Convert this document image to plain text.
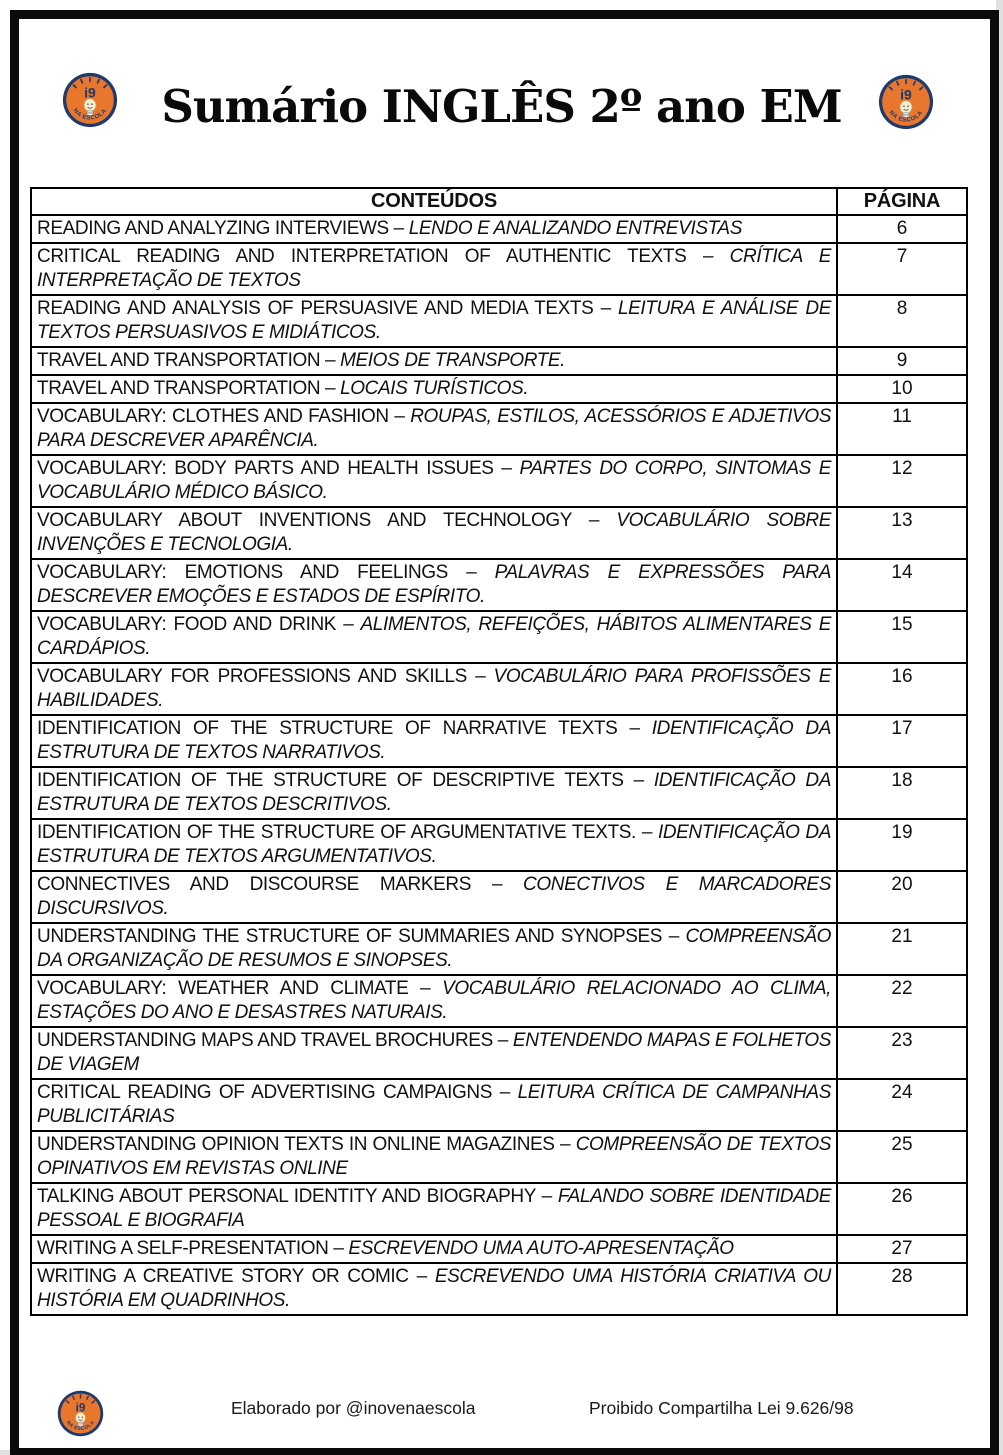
Sumário INGLÊS 2º ano EM
CONTEÚDOS	PÁGINA
READING AND ANALYZING INTERVIEWS – LENDO E ANALIZANDO ENTREVISTAS	6
CRITICAL READING AND INTERPRETATION OF AUTHENTIC TEXTS – CRÍTICA E INTERPRETAÇÃO DE TEXTOS	7
READING AND ANALYSIS OF PERSUASIVE AND MEDIA TEXTS – LEITURA E ANÁLISE DE TEXTOS PERSUASIVOS E MIDIÁTICOS.	8
TRAVEL AND TRANSPORTATION – MEIOS DE TRANSPORTE.	9
TRAVEL AND TRANSPORTATION – LOCAIS TURÍSTICOS.	10
VOCABULARY: CLOTHES AND FASHION – ROUPAS, ESTILOS, ACESSÓRIOS E ADJETIVOS PARA DESCREVER APARÊNCIA.	11
VOCABULARY: BODY PARTS AND HEALTH ISSUES – PARTES DO CORPO, SINTOMAS E VOCABULÁRIO MÉDICO BÁSICO.	12
VOCABULARY ABOUT INVENTIONS AND TECHNOLOGY – VOCABULÁRIO SOBRE INVENÇÕES E TECNOLOGIA.	13
VOCABULARY: EMOTIONS AND FEELINGS – PALAVRAS E EXPRESSÕES PARA DESCREVER EMOÇÕES E ESTADOS DE ESPÍRITO.	14
VOCABULARY: FOOD AND DRINK – ALIMENTOS, REFEIÇÕES, HÁBITOS ALIMENTARES E CARDÁPIOS.	15
VOCABULARY FOR PROFESSIONS AND SKILLS – VOCABULÁRIO PARA PROFISSÕES E HABILIDADES.	16
IDENTIFICATION OF THE STRUCTURE OF NARRATIVE TEXTS – IDENTIFICAÇÃO DA ESTRUTURA DE TEXTOS NARRATIVOS.	17
IDENTIFICATION OF THE STRUCTURE OF DESCRIPTIVE TEXTS – IDENTIFICAÇÃO DA ESTRUTURA DE TEXTOS DESCRITIVOS.	18
IDENTIFICATION OF THE STRUCTURE OF ARGUMENTATIVE TEXTS. – IDENTIFICAÇÃO DA ESTRUTURA DE TEXTOS ARGUMENTATIVOS.	19
CONNECTIVES AND DISCOURSE MARKERS – CONECTIVOS E MARCADORES DISCURSIVOS.	20
UNDERSTANDING THE STRUCTURE OF SUMMARIES AND SYNOPSES – COMPREENSÃO DA ORGANIZAÇÃO DE RESUMOS E SINOPSES.	21
VOCABULARY: WEATHER AND CLIMATE – VOCABULÁRIO RELACIONADO AO CLIMA, ESTAÇÕES DO ANO E DESASTRES NATURAIS.	22
UNDERSTANDING MAPS AND TRAVEL BROCHURES – ENTENDENDO MAPAS E FOLHETOS DE VIAGEM	23
CRITICAL READING OF ADVERTISING CAMPAIGNS – LEITURA CRÍTICA DE CAMPANHAS PUBLICITÁRIAS	24
UNDERSTANDING OPINION TEXTS IN ONLINE MAGAZINES – COMPREENSÃO DE TEXTOS OPINATIVOS EM REVISTAS ONLINE	25
TALKING ABOUT PERSONAL IDENTITY AND BIOGRAPHY – FALANDO SOBRE IDENTIDADE PESSOAL E BIOGRAFIA	26
WRITING A SELF-PRESENTATION – ESCREVENDO UMA AUTO-APRESENTAÇÃO	27
WRITING A CREATIVE STORY OR COMIC – ESCREVENDO UMA HISTÓRIA CRIATIVA OU HISTÓRIA EM QUADRINHOS.	28
Elaborado por @inovenaescola	Proibido Compartilha Lei 9.626/98
